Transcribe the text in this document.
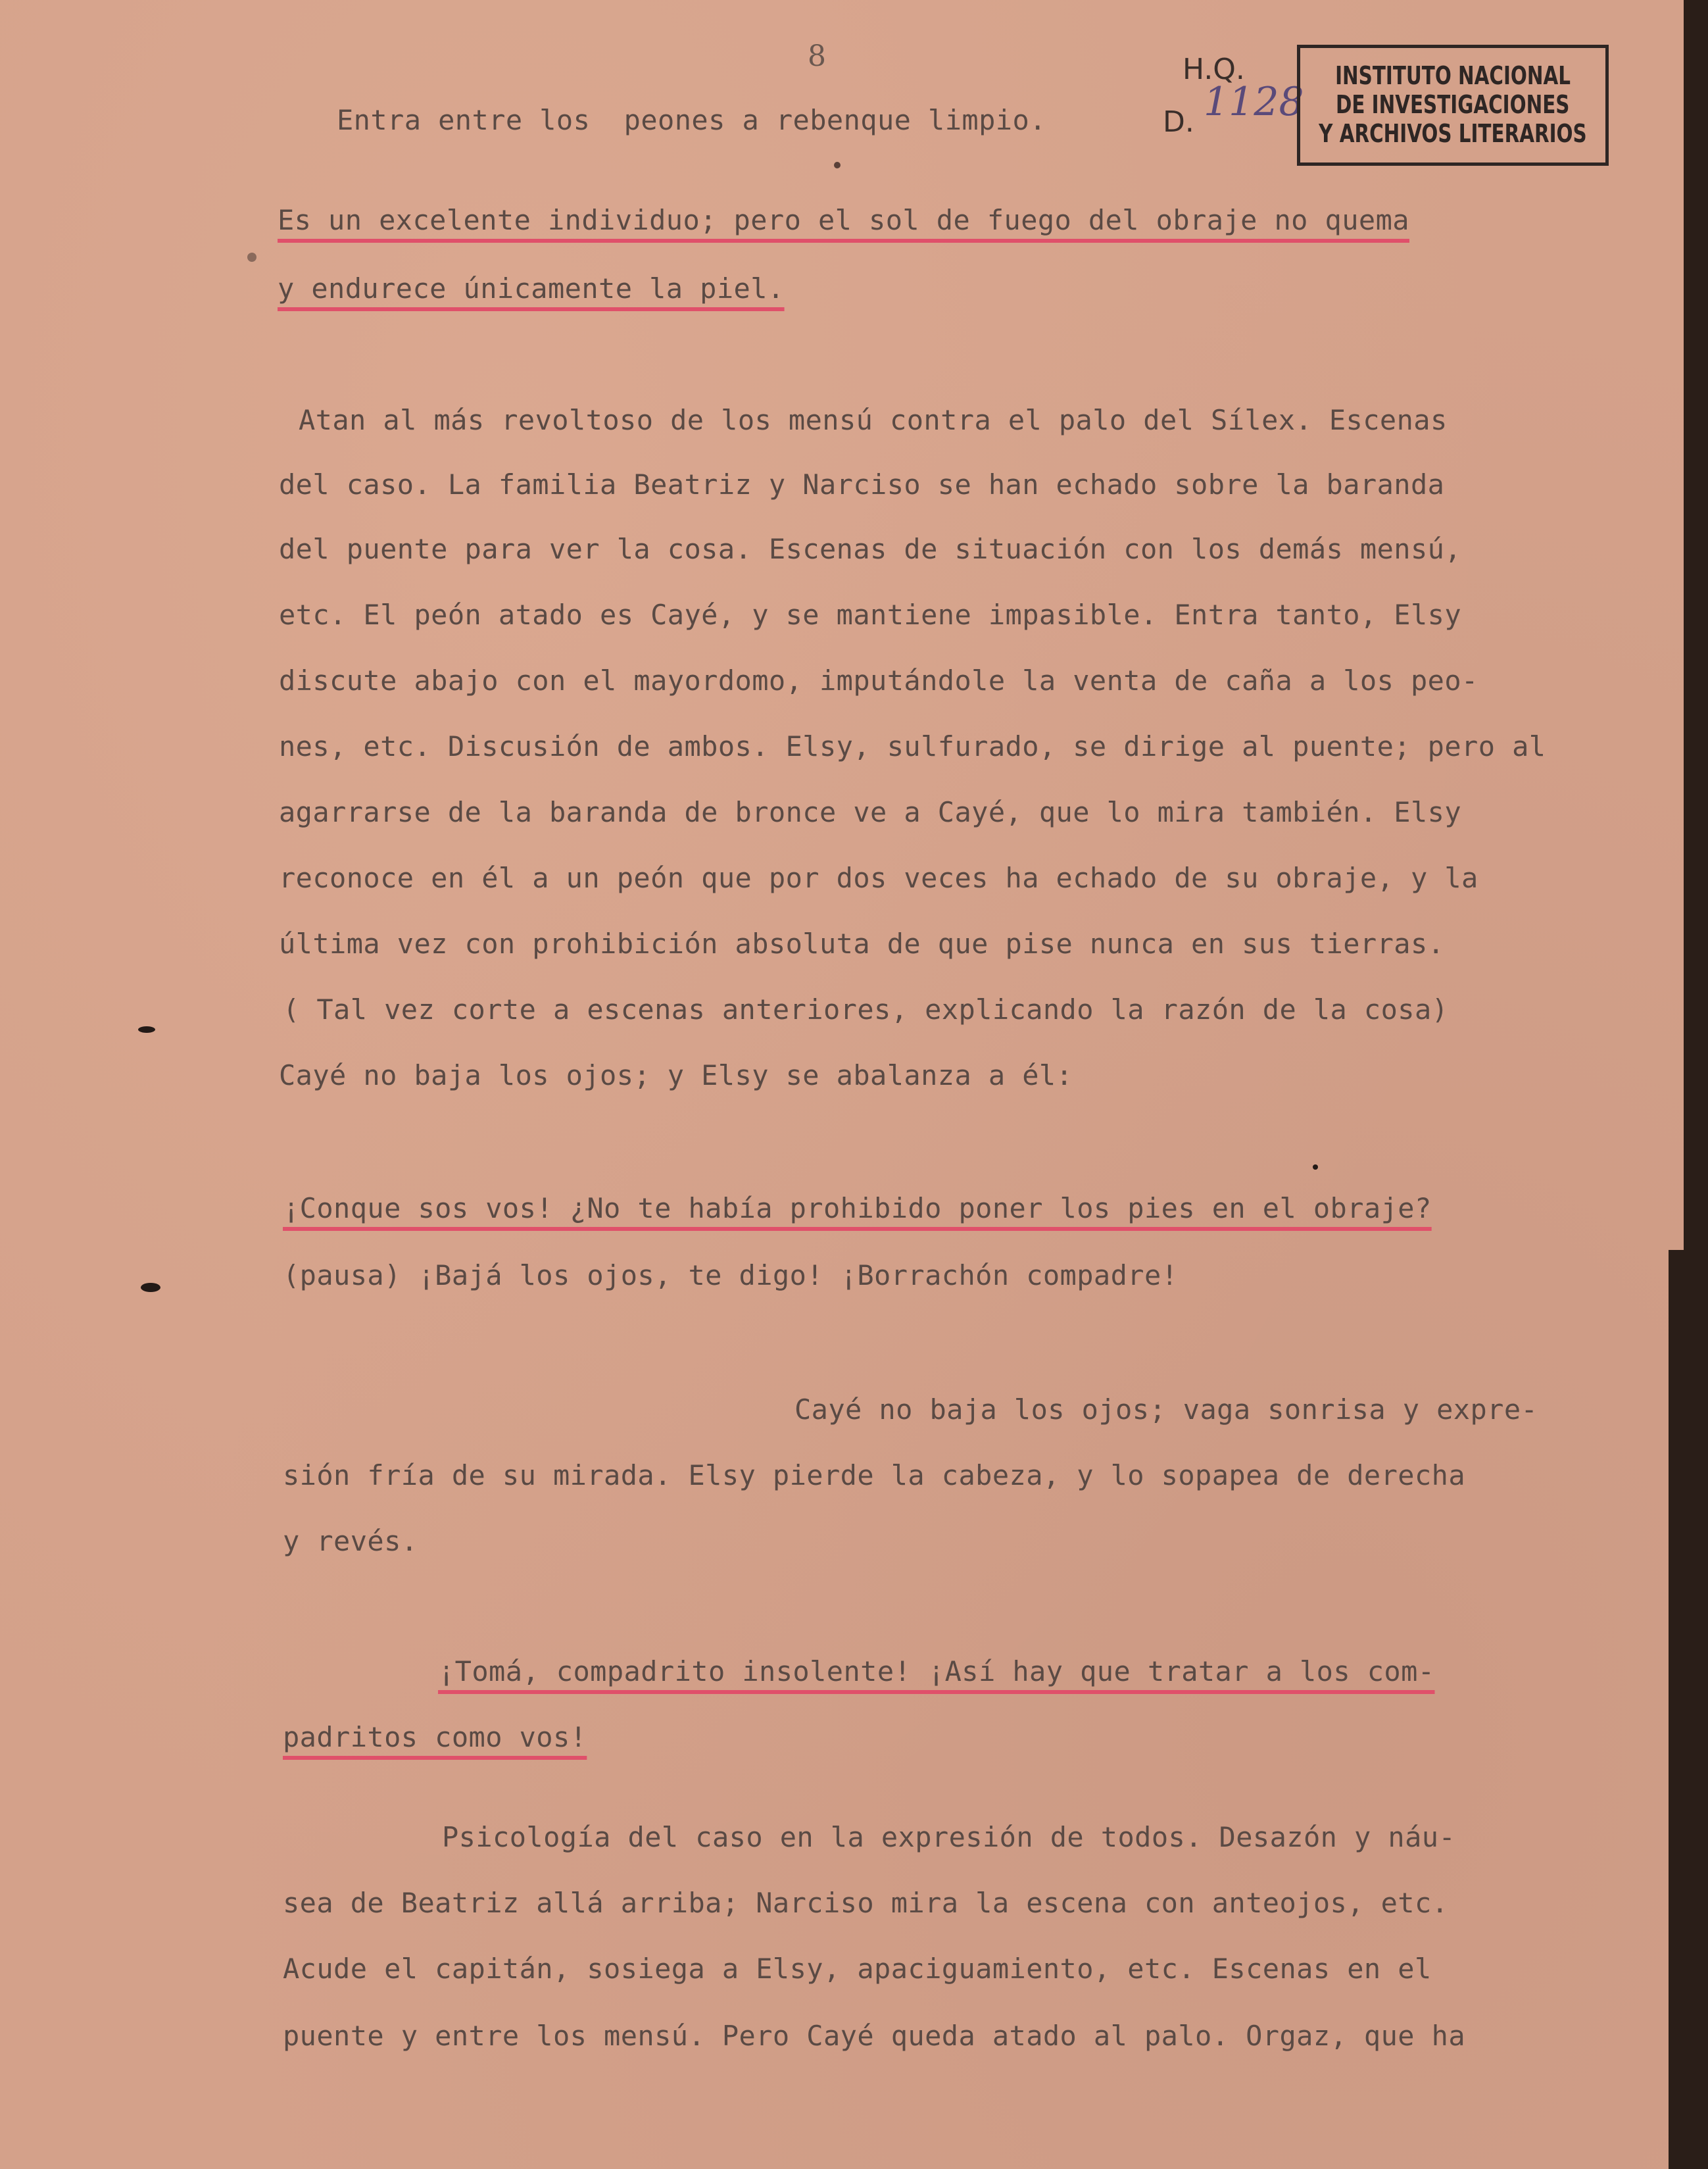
8	H.Q.
D. 1128
INSTITUTO NACIONAL
DE INVESTIGACIONES
Y ARCHIVOS LITERARIOS
Entra entre los  peones a rebenque limpio.
Es un excelente individuo; pero el sol de fuego del obraje no quema
y endurece únicamente la piel.
Atan al más revoltoso de los mensú contra el palo del Sílex. Escenas
del caso. La familia Beatriz y Narciso se han echado sobre la baranda
del puente para ver la cosa. Escenas de situación con los demás mensú,
etc. El peón atado es Cayé, y se mantiene impasible. Entra tanto, Elsy
discute abajo con el mayordomo, imputándole la venta de caña a los peo-
nes, etc. Discusión de ambos. Elsy, sulfurado, se dirige al puente; pero al
agarrarse de la baranda de bronce ve a Cayé, que lo mira también. Elsy
reconoce en él a un peón que por dos veces ha echado de su obraje, y la
última vez con prohibición absoluta de que pise nunca en sus tierras.
( Tal vez corte a escenas anteriores, explicando la razón de la cosa)
Cayé no baja los ojos; y Elsy se abalanza a él:
¡Conque sos vos! ¿No te había prohibido poner los pies en el obraje?
(pausa) ¡Bajá los ojos, te digo! ¡Borrachón compadre!
Cayé no baja los ojos; vaga sonrisa y expre-
sión fría de su mirada. Elsy pierde la cabeza, y lo sopapea de derecha
y revés.
¡Tomá, compadrito insolente! ¡Así hay que tratar a los com-
padritos como vos!
Psicología del caso en la expresión de todos. Desazón y náu-
sea de Beatriz allá arriba; Narciso mira la escena con anteojos, etc.
Acude el capitán, sosiega a Elsy, apaciguamiento, etc. Escenas en el
puente y entre los mensú. Pero Cayé queda atado al palo. Orgaz, que ha
